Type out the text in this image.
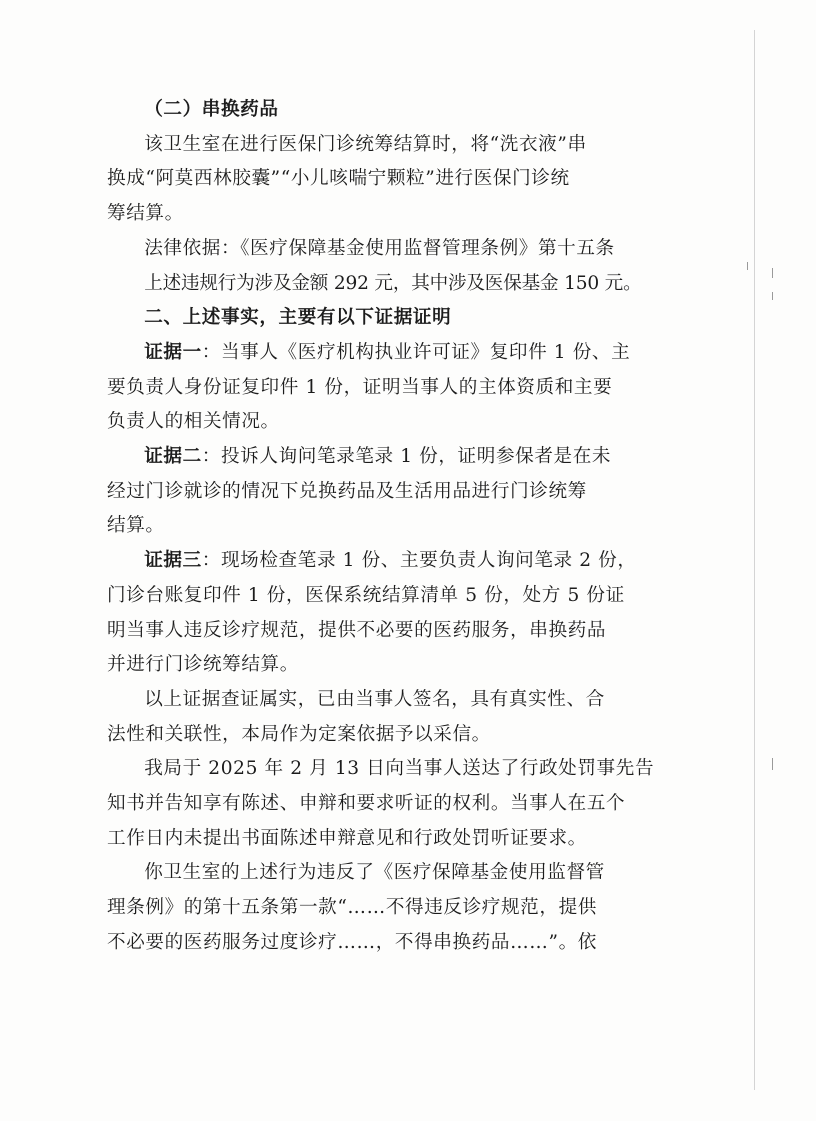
（二）串换药品

该卫生室在进行医保门诊统筹结算时，将“洗衣液”串

换成“阿莫西林胶囊”“小儿咳喘宁颗粒”进行医保门诊统

筹结算。

法律依据：《医疗保障基金使用监督管理条例》第十五条

上述违规行为涉及金额 292 元，其中涉及医保基金 150 元。

二、上述事实，主要有以下证据证明

证据一：当事人《医疗机构执业许可证》复印件 1 份、主

要负责人身份证复印件 1 份，证明当事人的主体资质和主要

负责人的相关情况。

证据二：投诉人询问笔录笔录 1 份，证明参保者是在未

经过门诊就诊的情况下兑换药品及生活用品进行门诊统筹

结算。

证据三：现场检查笔录 1 份、主要负责人询问笔录 2 份，

门诊台账复印件 1 份，医保系统结算清单 5 份，处方 5 份证

明当事人违反诊疗规范，提供不必要的医药服务，串换药品

并进行门诊统筹结算。

以上证据查证属实，已由当事人签名，具有真实性、合

法性和关联性，本局作为定案依据予以采信。

我局于 2025 年 2 月 13 日向当事人送达了行政处罚事先告

知书并告知享有陈述、申辩和要求听证的权利。当事人在五个

工作日内未提出书面陈述申辩意见和行政处罚听证要求。

你卫生室的上述行为违反了《医疗保障基金使用监督管

理条例》的第十五条第一款“……不得违反诊疗规范，提供

不必要的医药服务过度诊疗……，不得串换药品……”。依
